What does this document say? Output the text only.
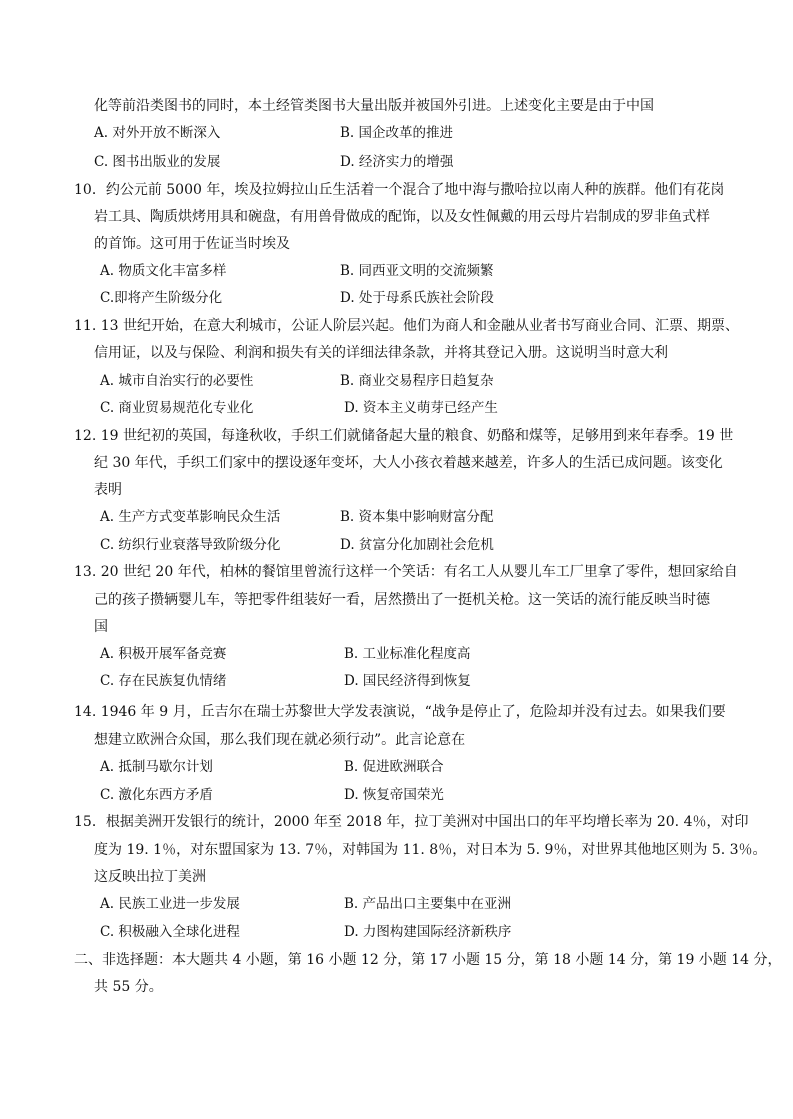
化等前沿类图书的同时，本土经管类图书大量出版并被国外引进。上述变化主要是由于中国
A. 对外开放不断深入	B. 国企改革的推进
C. 图书出版业的发展	D. 经济实力的增强
10．约公元前 5000 年，埃及拉姆拉山丘生活着一个混合了地中海与撒哈拉以南人种的族群。他们有花岗
岩工具、陶质烘烤用具和碗盘，有用兽骨做成的配饰，以及女性佩戴的用云母片岩制成的罗非鱼式样
的首饰。这可用于佐证当时埃及
A. 物质文化丰富多样	B. 同西亚文明的交流频繁
C.即将产生阶级分化	D. 处于母系氏族社会阶段
11. 13 世纪开始，在意大利城市，公证人阶层兴起。他们为商人和金融从业者书写商业合同、汇票、期票、
信用证，以及与保险、利润和损失有关的详细法律条款，并将其登记入册。这说明当时意大利
A. 城市自治实行的必要性	B. 商业交易程序日趋复杂
C. 商业贸易规范化专业化	D. 资本主义萌芽已经产生
12. 19 世纪初的英国，每逢秋收，手织工们就储备起大量的粮食、奶酪和煤等，足够用到来年春季。19 世
纪 30 年代，手织工们家中的摆设逐年变坏，大人小孩衣着越来越差，许多人的生活已成问题。该变化
表明
A. 生产方式变革影响民众生活	B. 资本集中影响财富分配
C. 纺织行业衰落导致阶级分化	D. 贫富分化加剧社会危机
13. 20 世纪 20 年代，柏林的餐馆里曾流行这样一个笑话：有名工人从婴儿车工厂里拿了零件，想回家给自
己的孩子攒辆婴儿车，等把零件组装好一看，居然攒出了一挺机关枪。这一笑话的流行能反映当时德
国
A. 积极开展军备竞赛	B. 工业标准化程度高
C. 存在民族复仇情绪	D. 国民经济得到恢复
14. 1946 年 9 月，丘吉尔在瑞士苏黎世大学发表演说，“战争是停止了，危险却并没有过去。如果我们要
想建立欧洲合众国，那么我们现在就必须行动”。此言论意在
A. 抵制马歇尔计划	B. 促进欧洲联合
C. 激化东西方矛盾	D. 恢复帝国荣光
15．根据美洲开发银行的统计，2000 年至 2018 年，拉丁美洲对中国出口的年平均增长率为 20. 4％，对印
度为 19. 1％，对东盟国家为 13. 7％，对韩国为 11. 8％，对日本为 5. 9％，对世界其他地区则为 5. 3％。
这反映出拉丁美洲
A. 民族工业进一步发展	B. 产品出口主要集中在亚洲
C. 积极融入全球化进程	D. 力图构建国际经济新秩序
二、非选择题：本大题共 4 小题，第 16 小题 12 分，第 17 小题 15 分，第 18 小题 14 分，第 19 小题 14 分，
共 55 分。
